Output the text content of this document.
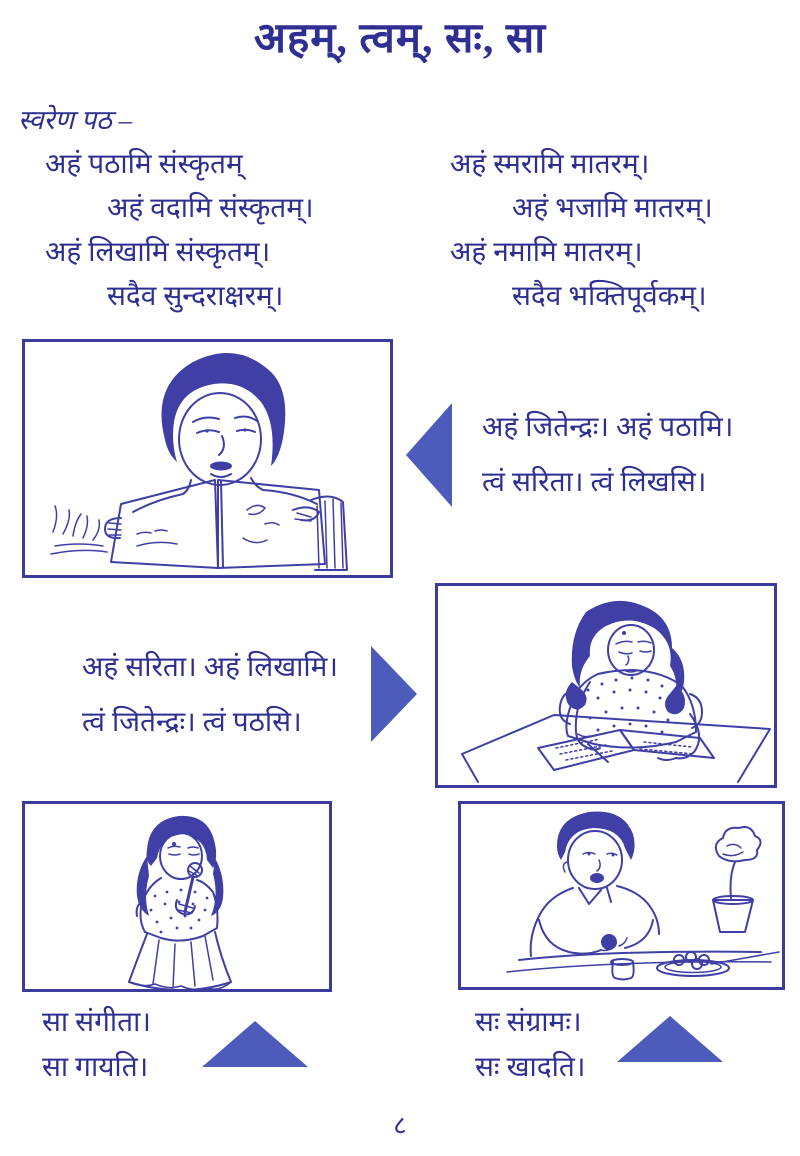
अहम्, त्वम्, सः, सा
स्वरेण पठ –
अहं पठामि संस्कृतम्
अहं वदामि संस्कृतम्।
अहं लिखामि संस्कृतम्।
सदैव सुन्दराक्षरम्।
अहं स्मरामि मातरम्।
अहं भजामि मातरम्।
अहं नमामि मातरम्।
सदैव भक्तिपूर्वकम्।
अहं जितेन्द्रः। अहं पठामि।
त्वं सरिता। त्वं लिखसि।
अहं सरिता। अहं लिखामि।
त्वं जितेन्द्रः। त्वं पठसि।
सा संगीता।
सा गायति।
सः संग्रामः।
सः खादति।
८
